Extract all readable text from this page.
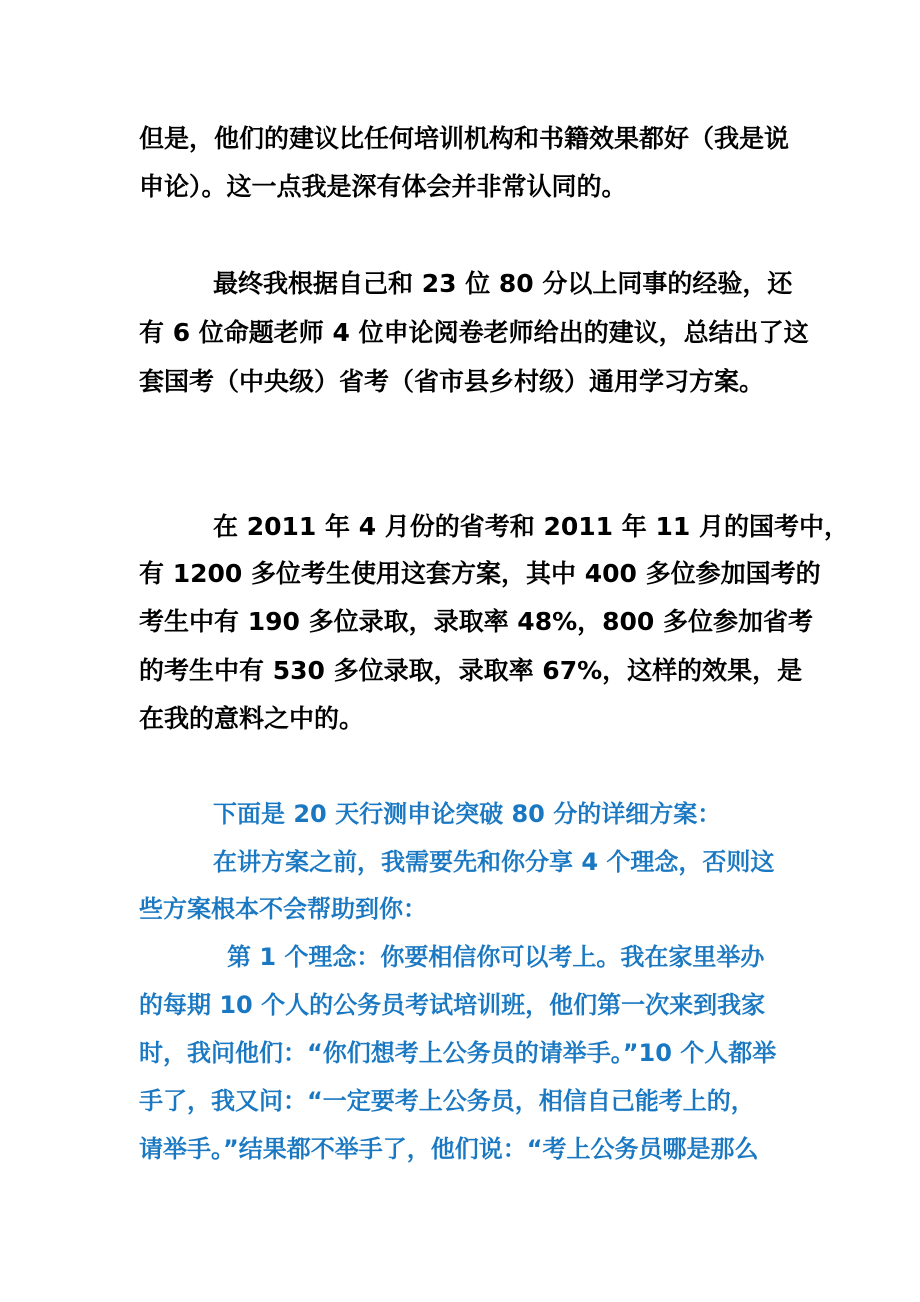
但是，他们的建议比任何培训机构和书籍效果都好（我是说

申论）。这一点我是深有体会并非常认同的。

最终我根据自己和 23 位 80 分以上同事的经验，还

有 6 位命题老师 4 位申论阅卷老师给出的建议，总结出了这

套国考（中央级）省考（省市县乡村级）通用学习方案。

在 2011 年 4 月份的省考和 2011 年 11 月的国考中，

有 1200 多位考生使用这套方案，其中 400 多位参加国考的

考生中有 190 多位录取，录取率 48%，800 多位参加省考

的考生中有 530 多位录取，录取率 67%，这样的效果，是

在我的意料之中的。

下面是 20 天行测申论突破 80 分的详细方案：

在讲方案之前，我需要先和你分享 4 个理念，否则这

些方案根本不会帮助到你：

第 1 个理念：你要相信你可以考上。我在家里举办

的每期 10 个人的公务员考试培训班，他们第一次来到我家

时，我问他们：“你们想考上公务员的请举手。”10 个人都举

手了，我又问：“一定要考上公务员，相信自己能考上的，

请举手。”结果都不举手了，他们说：“考上公务员哪是那么
